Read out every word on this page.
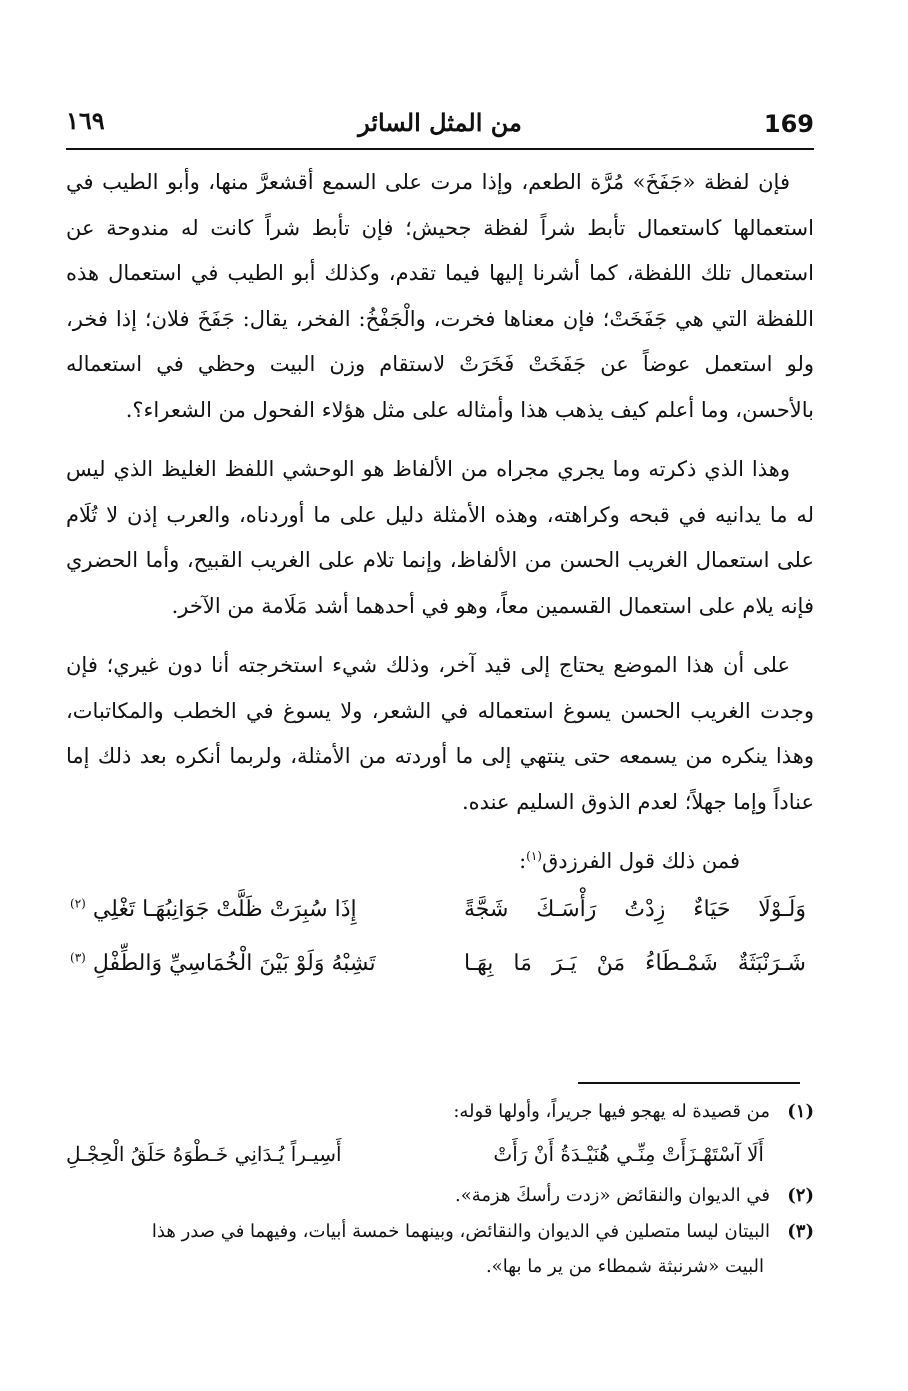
169
من المثل السائر
١٦٩

فإن لفظة «جَفَخَ» مُرَّة الطعم، وإذا مرت على السمع أقشعرَّ منها، وأبو الطيب في استعمالها كاستعمال تأبط شراً لفظة جحيش؛ فإن تأبط شراً كانت له مندوحة عن استعمال تلك اللفظة، كما أشرنا إليها فيما تقدم، وكذلك أبو الطيب في استعمال هذه اللفظة التي هي جَفَخَتْ؛ فإن معناها فخرت، والْجَفْخُ: الفخر، يقال: جَفَخَ فلان؛ إذا فخر، ولو استعمل عوضاً عن جَفَخَتْ فَخَرَتْ لاستقام وزن البيت وحظي في استعماله بالأحسن، وما أعلم كيف يذهب هذا وأمثاله على مثل هؤلاء الفحول من الشعراء؟.

وهذا الذي ذكرته وما يجري مجراه من الألفاظ هو الوحشي اللفظ الغليظ الذي ليس له ما يدانيه في قبحه وكراهته، وهذه الأمثلة دليل على ما أوردناه، والعرب إذن لا تُلَام على استعمال الغريب الحسن من الألفاظ، وإنما تلام على الغريب القبيح، وأما الحضري فإنه يلام على استعمال القسمين معاً، وهو في أحدهما أشد مَلَامة من الآخر.

على أن هذا الموضع يحتاج إلى قيد آخر، وذلك شيء استخرجته أنا دون غيري؛ فإن وجدت الغريب الحسن يسوغ استعماله في الشعر، ولا يسوغ في الخطب والمكاتبات، وهذا ينكره من يسمعه حتى ينتهي إلى ما أوردته من الأمثلة، ولربما أنكره بعد ذلك إما عناداً وإما جهلاً؛ لعدم الذوق السليم عنده.

فمن ذلك قول الفرزدق$^{(١)}$:
وَلَـوْلَا حَيَاءٌ زِدْتُ رَأْسَـكَ شَجَّةً
إِذَا سُبِرَتْ ظَلَّتْ جَوَانِبُهَـا تَغْلِي $^{(٢)}$
شَـرَنْبَثَةٌ شَمْـطَاءُ مَنْ يَـرَ مَا بِهَـا
تَشِبْهُ وَلَوْ بَيْنَ الْخُمَاسِيِّ وَالطِّفْلِ $^{(٣)}$

(١)من قصيدة له يهجو فيها جريراً، وأولها قوله:

أَلَا آسْتَهْـزَأَتْ مِنِّـي هُنَيْـدَةُ أَنْ رَأَتْ
أَسِيـراً يُـدَانِي خَـطْوَهُ حَلَقُ الْحِجْـلِ

(٢)في الديوان والنقائض «زدت رأسكَ هزمة».

(٣)البيتان ليسا متصلين في الديوان والنقائض، وبينهما خمسة أبيات، وفيهما في صدر هذا

البيت «شرنبثة شمطاء من ير ما بها».
